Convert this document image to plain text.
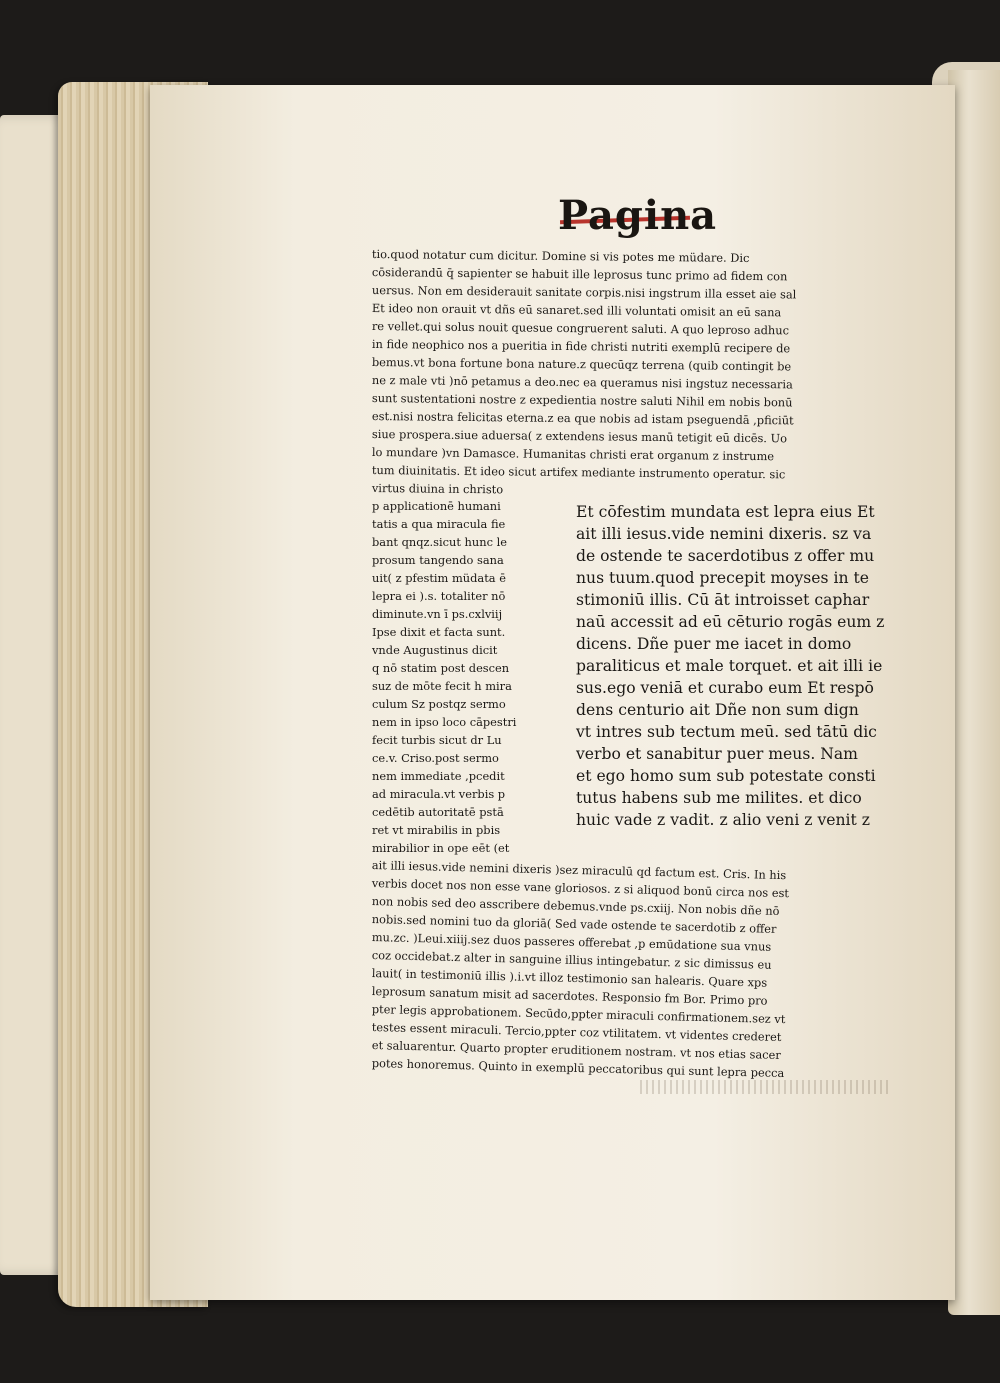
Pagina
tio.quod notatur cum dicitur. Domine si vis potes me müdare. Dic
cōsiderandū q̄ sapienter se habuit ille leprosus tunc primo ad fidem con
uersus. Non em desiderauit sanitate corpis.nisi ingstrum illa esset aie sal
Et ideo non orauit vt dñs eū sanaret.sed illi voluntati omisit an eū sana
re vellet.qui solus nouit quesue congruerent saluti. A quo leproso adhuc
in fide neophico nos a pueritia in fide christi nutriti exemplū recipere de
bemus.vt bona fortune bona nature.z quecūqz terrena (quib contingit be
ne z male vti )nō petamus a deo.nec ea queramus nisi ingstuz necessaria
sunt sustentationi nostre z expedientia nostre saluti Nihil em nobis bonū
est.nisi nostra felicitas eterna.z ea que nobis ad istam pseguendā ,pficiūt
siue prospera.siue aduersa( z extendens iesus manū tetigit eū dicēs. Uo
lo mundare )vn Damasce. Humanitas christi erat organum z instrume
tum diuinitatis. Et ideo sicut artifex mediante instrumento operatur. sic
virtus diuina in christo
p applicationē humani
tatis a qua miracula fie
bant qnqz.sicut hunc le
prosum tangendo sana
uit( z pfestim müdata ē
lepra ei ).s. totaliter nō
diminute.vn ī ps.cxlviij
Ipse dixit et facta sunt.
vnde Augustinus dicit
q nō statim post descen
suz de mōte fecit h mira
culum Sz postqz sermo
nem in ipso loco cāpestri
fecit turbis sicut dr Lu
ce.v. Criso.post sermo
nem immediate ,pcedit
ad miracula.vt verbis p
cedētib autoritatē pstā
ret vt mirabilis in pbis
mirabilior in ope eēt (et
Et cōfestim mundata est lepra eius Et
ait illi iesus.vide nemini dixeris. sz va
de ostende te sacerdotibus z offer mu
nus tuum.quod precepit moyses in te
stimoniū illis. Cū āt introisset caphar
naū accessit ad eū cēturio rogās eum z
dicens. Dñe puer me iacet in domo
paraliticus et male torquet. et ait illi ie
sus.ego veniā et curabo eum Et respō
dens centurio ait Dñe non sum dign
vt intres sub tectum meū. sed tātū dic
verbo et sanabitur puer meus. Nam
et ego homo sum sub potestate consti
tutus habens sub me milites. et dico
huic vade z vadit. z alio veni z venit z
ait illi iesus.vide nemini dixeris )sez miraculū qd factum est. Cris. In his
verbis docet nos non esse vane gloriosos. z si aliquod bonū circa nos est
non nobis sed deo asscribere debemus.vnde ps.cxiij. Non nobis dñe nō
nobis.sed nomini tuo da gloriā( Sed vade ostende te sacerdotib z offer
mu.zc. )Leui.xiiij.sez duos passeres offerebat ,p emūdatione sua vnus
coz occidebat.z alter in sanguine illius intingebatur. z sic dimissus eu
lauit( in testimoniū illis ).i.vt illoz testimonio san halearis. Quare xps
leprosum sanatum misit ad sacerdotes. Responsio fm Bor. Primo pro
pter legis approbationem. Secūdo,ppter miraculi confirmationem.sez vt
testes essent miraculi. Tercio,ppter coz vtilitatem. vt videntes crederet
et saluarentur. Quarto propter eruditionem nostram. vt nos etias sacer
potes honoremus. Quinto in exemplū peccatoribus qui sunt lepra pecca
